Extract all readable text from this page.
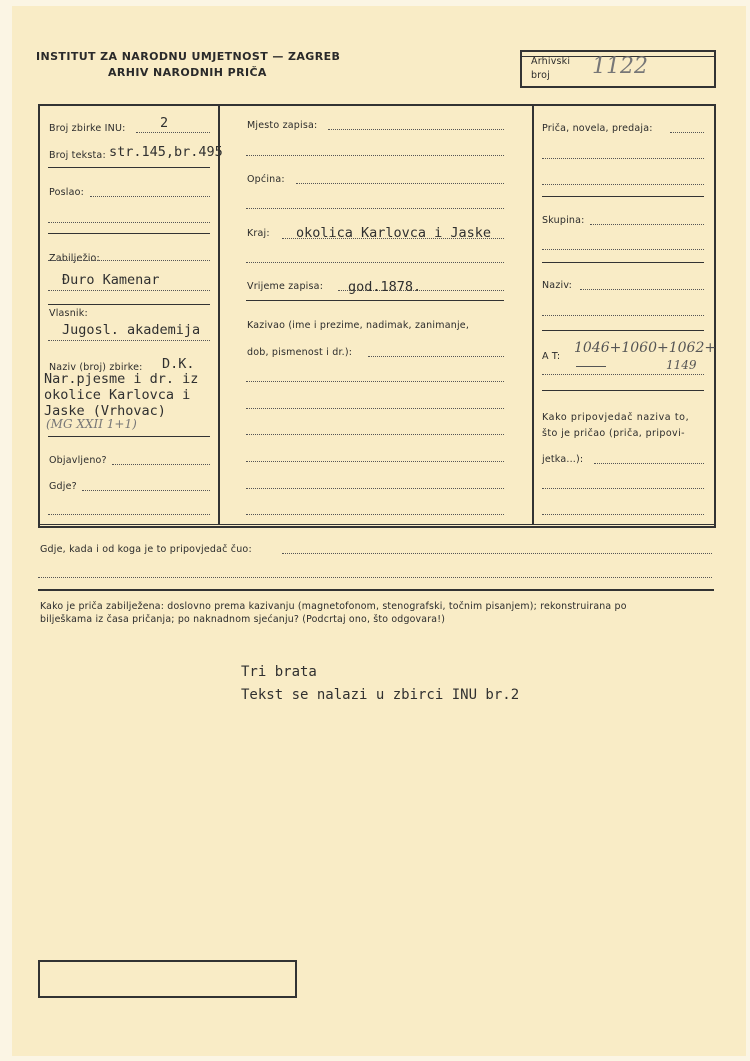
INSTITUT ZA NARODNU UMJETNOST — ZAGREB
ARHIV NARODNIH PRIČA
Arhivski
broj 1122
Broj zbirke INU:	2
Broj teksta: str.145,br.495
Poslao:
Zabilježio:
Đuro Kamenar
Vlasnik:
Jugosl. akademija
Naziv (broj) zbirke: D.K.
Nar.pjesme i dr. iz
okolice Karlovca i
Jaske (Vrhovac)
(MG XXII 1+1)
Objavljeno?
Gdje?
Mjesto zapisa:
Općina:
Kraj: okolica Karlovca i Jaske
Vrijeme zapisa: god.1878.
Kazivao (ime i prezime, nadimak, zanimanje,
dob, pismenost i dr.):
Priča, novela, predaja:
Skupina:
Naziv:
A T:
1046+1060+1062+
1149
Kako pripovjedač naziva to,
što je pričao (priča, pripovi-
jetka...):
Gdje, kada i od koga je to pripovjedač čuo:
Kako je priča zabilježena: doslovno prema kazivanju (magnetofonom, stenografski, točnim pisanjem); rekonstruirana po
bilješkama iz časa pričanja; po naknadnom sjećanju? (Podcrtaj ono, što odgovara!)
Tri brata
Tekst se nalazi u zbirci INU br.2
